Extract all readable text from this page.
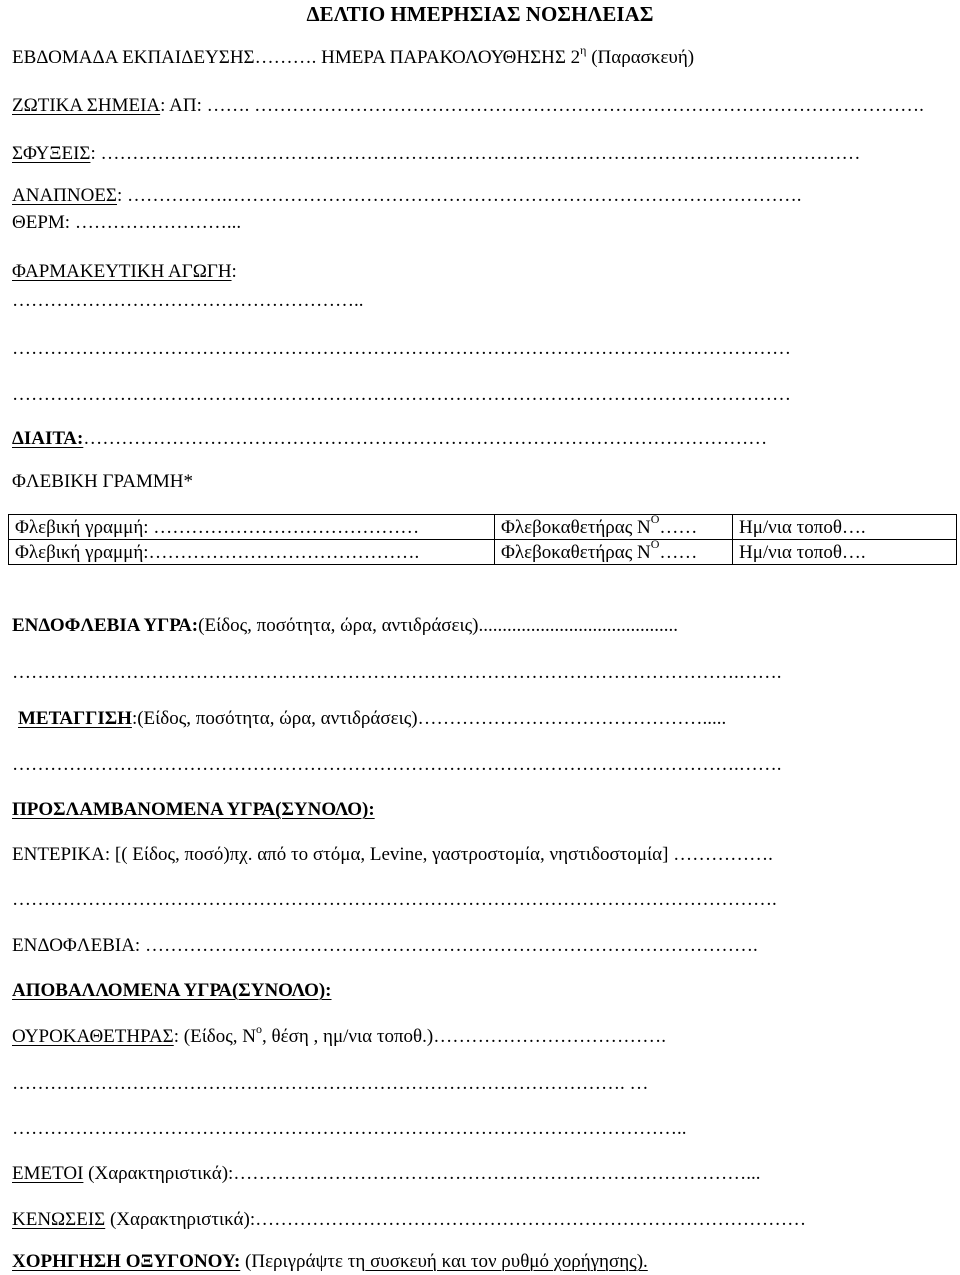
ΔΕΛΤΙΟ ΗΜΕΡΗΣΙΑΣ ΝΟΣΗΛΕΙΑΣ
ΕΒΔΟΜΑΔΑ ΕΚΠΑΙΔΕΥΣΗΣ………. ΗΜΕΡΑ ΠΑΡΑΚΟΛΟΥΘΗΣΗΣ $2^\eta$ (Παρασκευή)
ΖΩΤΙΚΑ ΣΗΜΕΙΑ: ΑΠ: ……. …………………………………………………………………………………………….
ΣΦΥΞΕΙΣ: …………………………………………………………………………………………………………
ΑΝΑΠΝΟΕΣ: …………….……………………………………………………………………………….
ΘΕΡΜ: ……………………...
ΦΑΡΜΑΚΕΥΤΙΚΗ ΑΓΩΓΗ:
………………………………………………..
……………………………………………………………………………………………………………
……………………………………………………………………………………………………………
ΔΙΑΙΤΑ:………………………………………………………………………………………………
ΦΛΕΒΙΚΗ ΓΡΑΜΜΗ*
Φλεβική γραμμή: ……………………………………	Φλεβοκαθετήρας $N^O\dots\dots$	Ημ/νια τοποθ….
Φλεβική γραμμή:…………………………………….	Φλεβοκαθετήρας $N^O\dots\dots$	Ημ/νια τοποθ….
ΕΝΔΟΦΛΕΒΙΑ ΥΓΡΑ:(Είδος, ποσότητα, ώρα, αντιδράσεις)..........................................
…………………………………………………………………………………………………….…….
ΜΕΤΑΓΓΙΣΗ:(Είδος, ποσότητα, ώρα, αντιδράσεις)……………………………………….....
…………………………………………………………………………………………………….…….
ΠΡΟΣΛΑΜΒΑΝΟΜΕΝΑ ΥΓΡΑ(ΣΥΝΟΛΟ):
ΕΝΤΕΡΙΚΑ: [( Είδος, ποσό)πχ. από το στόμα, Levine, γαστροστομία, νηστιδοστομία] …………….
………………………………………………………………………………………………………….
ΕΝΔΟΦΛΕΒΙΑ: …………………………………………………………………………………….
ΑΠΟΒΑΛΛΟΜΕΝΑ ΥΓΡΑ(ΣΥΝΟΛΟ):
ΟΥΡΟΚΑΘΕΤΗΡΑΣ: (Είδος, $N^o$, θέση , ημ/νια τοποθ.)……………………………….
……………………………………………………………………………………. …
……………………………………………………………………………………………..
ΕΜΕΤΟΙ (Χαρακτηριστικά):………………………………………………………………………...
ΚΕΝΩΣΕΙΣ (Χαρακτηριστικά):……………………………………………………………………………
ΧΟΡΗΓΗΣΗ ΟΞΥΓΟΝΟΥ: (Περιγράψτε τη συσκευή και τον ρυθμό χορήγησης).
